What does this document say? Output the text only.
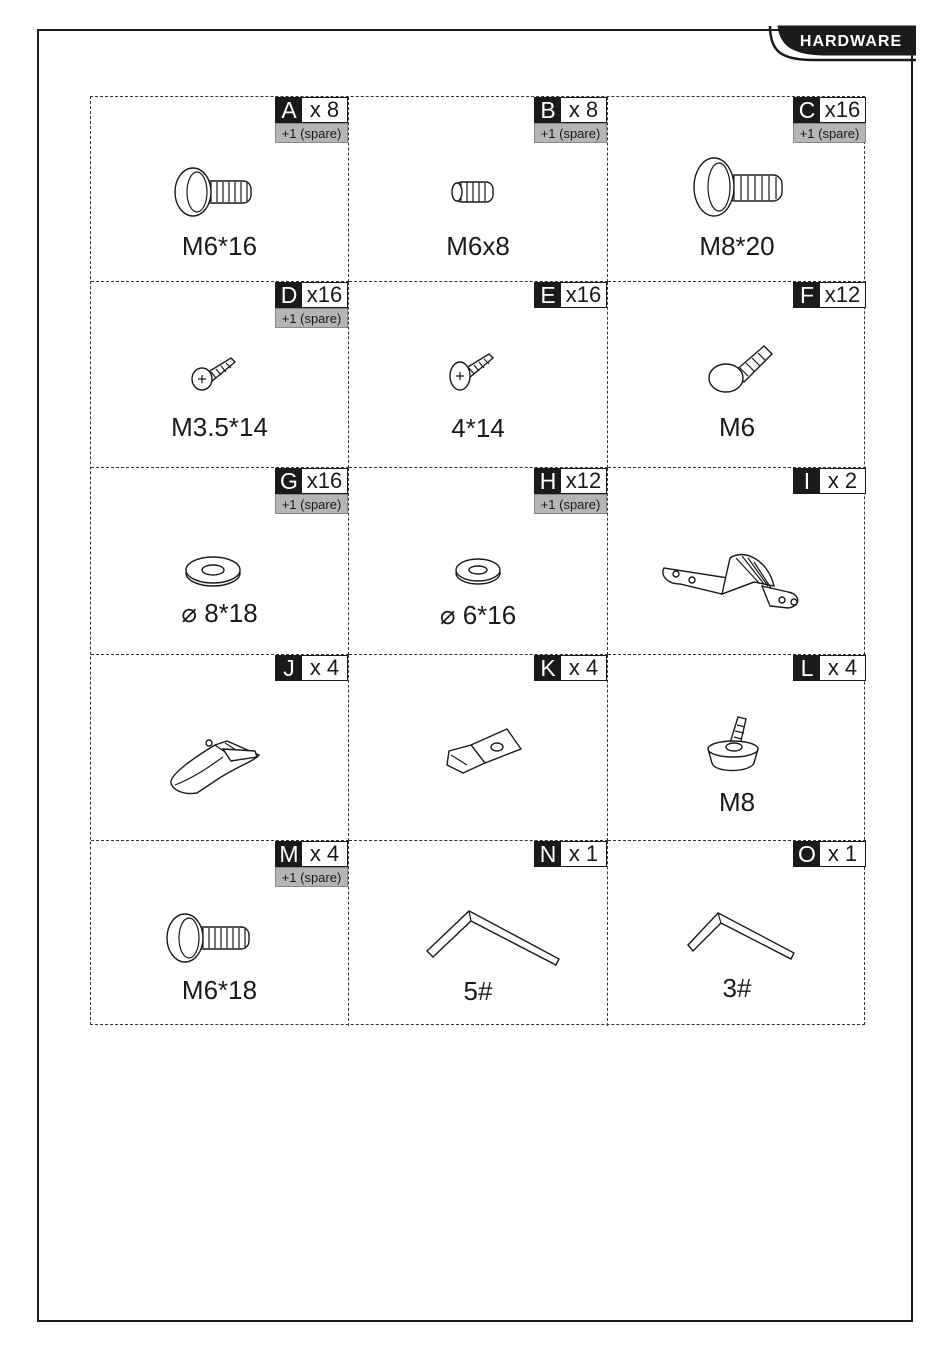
HARDWARE
A x 8
+1 (spare)
M6*16
B x 8
+1 (spare)
M6x8
C x16
+1 (spare)
M8*20
D x16
+1 (spare)
M3.5*14
E x16
4*14
F x12
M6
G x16
+1 (spare)
⌀ 8*18
H x12
+1 (spare)
⌀ 6*16
I x 2
J x 4	K x 4	L x 4
M8
M x 4
+1 (spare)
M6*18
N x 1
5#
O x 1
3#
